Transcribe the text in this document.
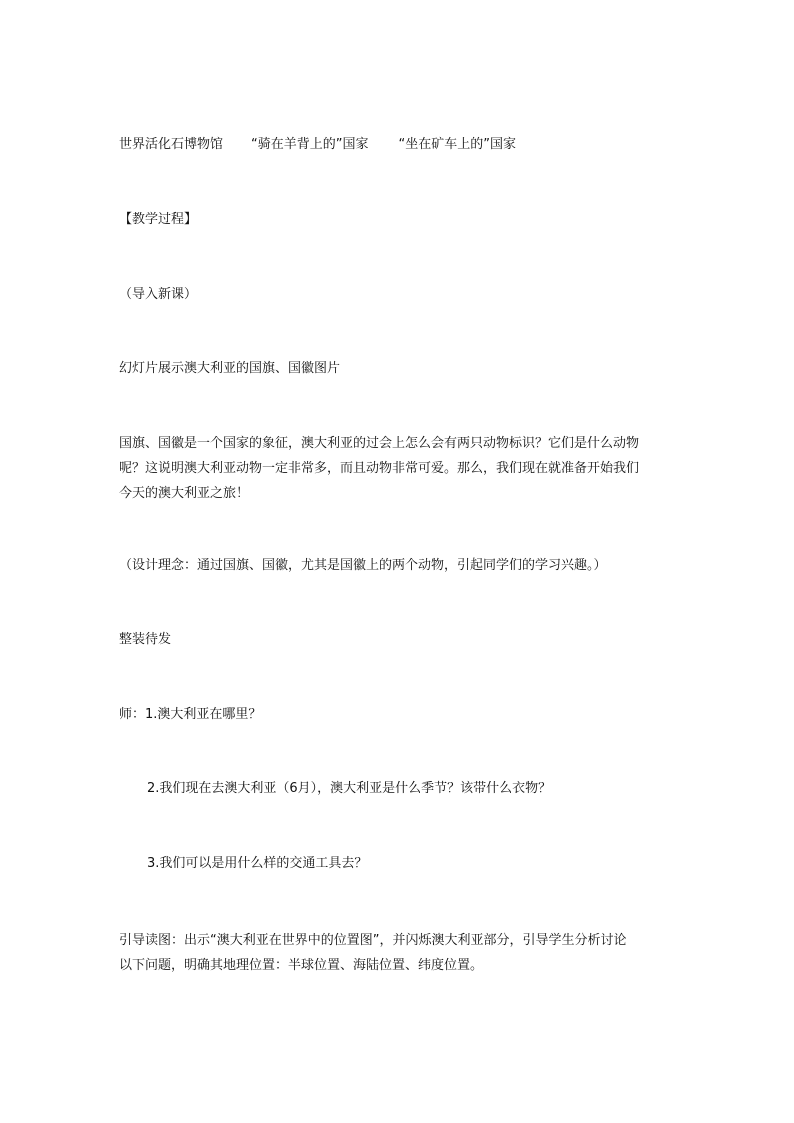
世界活化石博物馆 “骑在羊背上的”国家 “坐在矿车上的”国家
【教学过程】
（导入新课）
幻灯片展示澳大利亚的国旗、国徽图片

国旗、国徽是一个国家的象征，澳大利亚的过会上怎么会有两只动物标识？它们是什么动物

呢？这说明澳大利亚动物一定非常多，而且动物非常可爱。那么，我们现在就准备开始我们

今天的澳大利亚之旅！

（设计理念：通过国旗、国徽，尤其是国徽上的两个动物，引起同学们的学习兴趣。）
整装待发
师：1.澳大利亚在哪里？
2.我们现在去澳大利亚（6月），澳大利亚是什么季节？该带什么衣物？
3.我们可以是用什么样的交通工具去？

引导读图：出示“澳大利亚在世界中的位置图”，并闪烁澳大利亚部分，引导学生分析讨论

以下问题，明确其地理位置：半球位置、海陆位置、纬度位置。
